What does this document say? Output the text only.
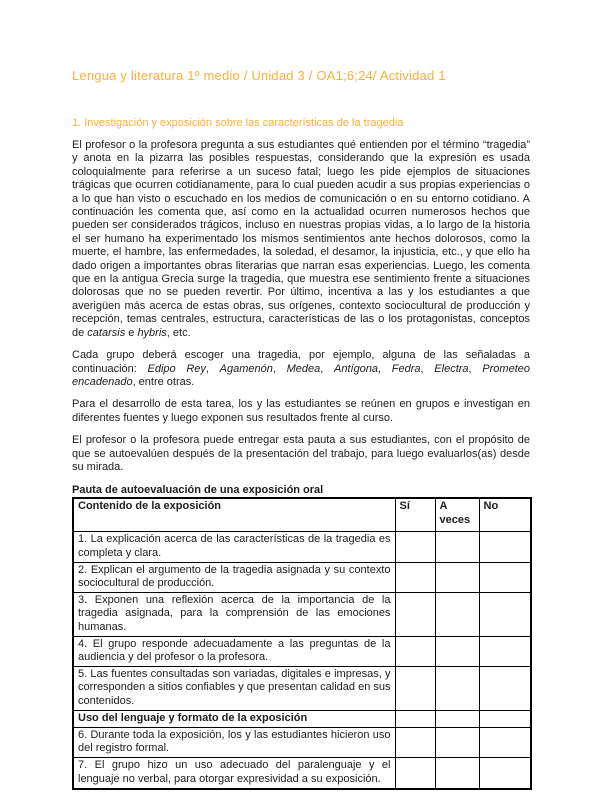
Lengua y literatura 1º medio / Unidad 3 / OA1;6;24/ Actividad 1
1. Investigación y exposición sobre las características de la tragedia

El profesor o la profesora pregunta a sus estudiantes qué entienden por el término “tragedia” y anota en la pizarra las posibles respuestas, considerando que la expresión es usada coloquialmente para referirse a un suceso fatal; luego les pide ejemplos de situaciones trágicas que ocurren cotidianamente, para lo cual pueden acudir a sus propias experiencias o a lo que han visto o escuchado en los medios de comunicación o en su entorno cotidiano. A continuación les comenta que, así como en la actualidad ocurren numerosos hechos que pueden ser considerados trágicos, incluso en nuestras propias vidas, a lo largo de la historia el ser humano ha experimentado los mismos sentimientos ante hechos dolorosos, como la muerte, el hambre, las enfermedades, la soledad, el desamor, la injusticia, etc., y que ello ha dado origen a importantes obras literarias que narran esas experiencias. Luego, les comenta que en la antigua Grecia surge la tragedia, que muestra ese sentimiento frente a situaciones dolorosas que no se pueden revertir. Por último, incentiva a las y los estudiantes a que averigüen más acerca de estas obras, sus orígenes, contexto sociocultural de producción y recepción, temas centrales, estructura, características de las o los protagonistas, conceptos de catarsis e hybris, etc.

Cada grupo deberá escoger una tragedia, por ejemplo, alguna de las señaladas a continuación: Edipo Rey, Agamenón, Medea, Antígona, Fedra, Electra, Prometeo encadenado, entre otras.

Para el desarrollo de esta tarea, los y las estudiantes se reúnen en grupos e investigan en diferentes fuentes y luego exponen sus resultados frente al curso.

El profesor o la profesora puede entregar esta pauta a sus estudiantes, con el propósito de que se autoevalúen después de la presentación del trabajo, para luego evaluarlos(as) desde su mirada.

Pauta de autoevaluación de una exposición oral
Contenido de la exposición	Sí	A veces	No
1. La explicación acerca de las características de la tragedia es completa y clara.			
2. Explican el argumento de la tragedia asignada y su contexto sociocultural de producción.			
3. Exponen una reflexión acerca de la importancia de la tragedia asignada, para la comprensión de las emociones humanas.			
4. El grupo responde adecuadamente a las preguntas de la audiencia y del profesor o la profesora.			
5. Las fuentes consultadas son variadas, digitales e impresas, y corresponden a sitios confiables y que presentan calidad en sus contenidos.			
Uso del lenguaje y formato de la exposición			
6. Durante toda la exposición, los y las estudiantes hicieron uso del registro formal.			
7. El grupo hizo un uso adecuado del paralenguaje y el lenguaje no verbal, para otorgar expresividad a su exposición.			
